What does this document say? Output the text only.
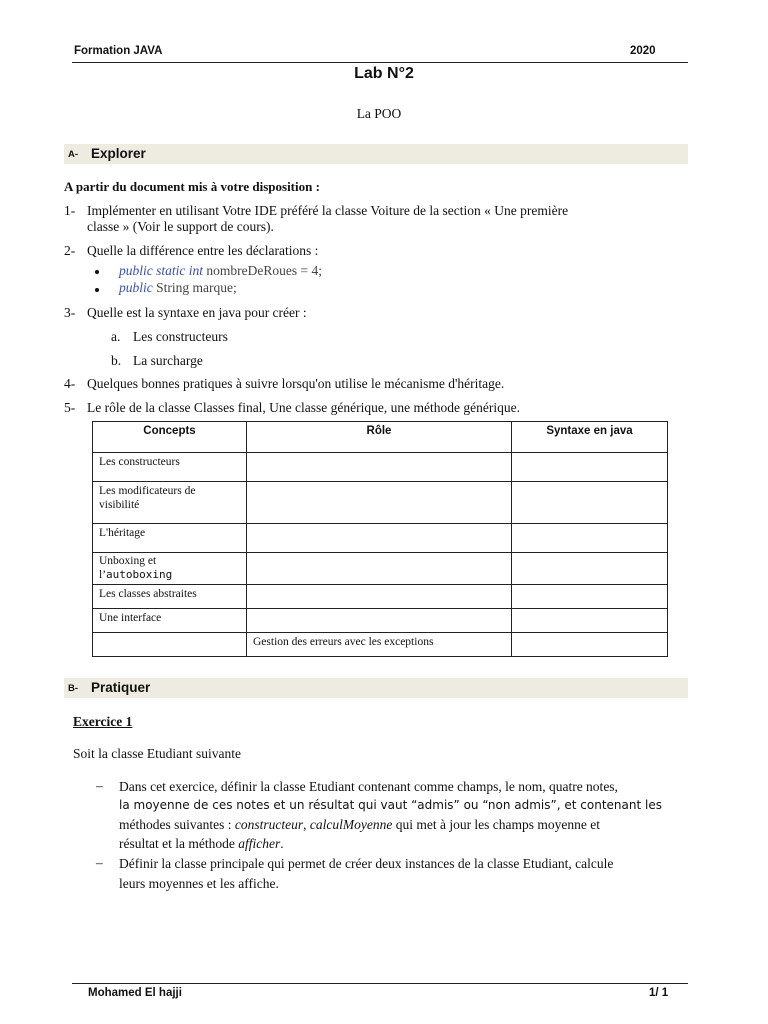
Formation JAVA	2020
Lab N°2
La POO
A- Explorer
A partir du document mis à votre disposition :
1- Implémenter en utilisant Votre IDE préféré la classe Voiture de la section « Une première
classe » (Voir le support de cours).
2- Quelle la différence entre les déclarations :
public static int nombreDeRoues = 4;
public String marque;
3- Quelle est la syntaxe en java pour créer :
a. Les constructeurs
b. La surcharge
4- Quelques bonnes pratiques à suivre lorsqu'on utilise le mécanisme d'héritage.
5- Le rôle de la classe Classes final, Une classe générique, une méthode générique.
Concepts	Rôle	Syntaxe en java
Les constructeurs		

Les modificateurs de
visibilité		

L'héritage		

Unboxing et
l’autoboxing		

Les classes abstraites		
Une interface		
	Gestion des erreurs avec les exceptions	
B- Pratiquer
Exercice 1
Soit la classe Etudiant suivante
– Dans cet exercice, définir la classe Etudiant contenant comme champs, le nom, quatre notes,
la moyenne de ces notes et un résultat qui vaut “admis” ou “non admis”, et contenant les
méthodes suivantes : constructeur, calculMoyenne qui met à jour les champs moyenne et
résultat et la méthode afficher.
– Définir la classe principale qui permet de créer deux instances de la classe Etudiant, calcule
leurs moyennes et les affiche.
Mohamed El hajji	1/ 1
